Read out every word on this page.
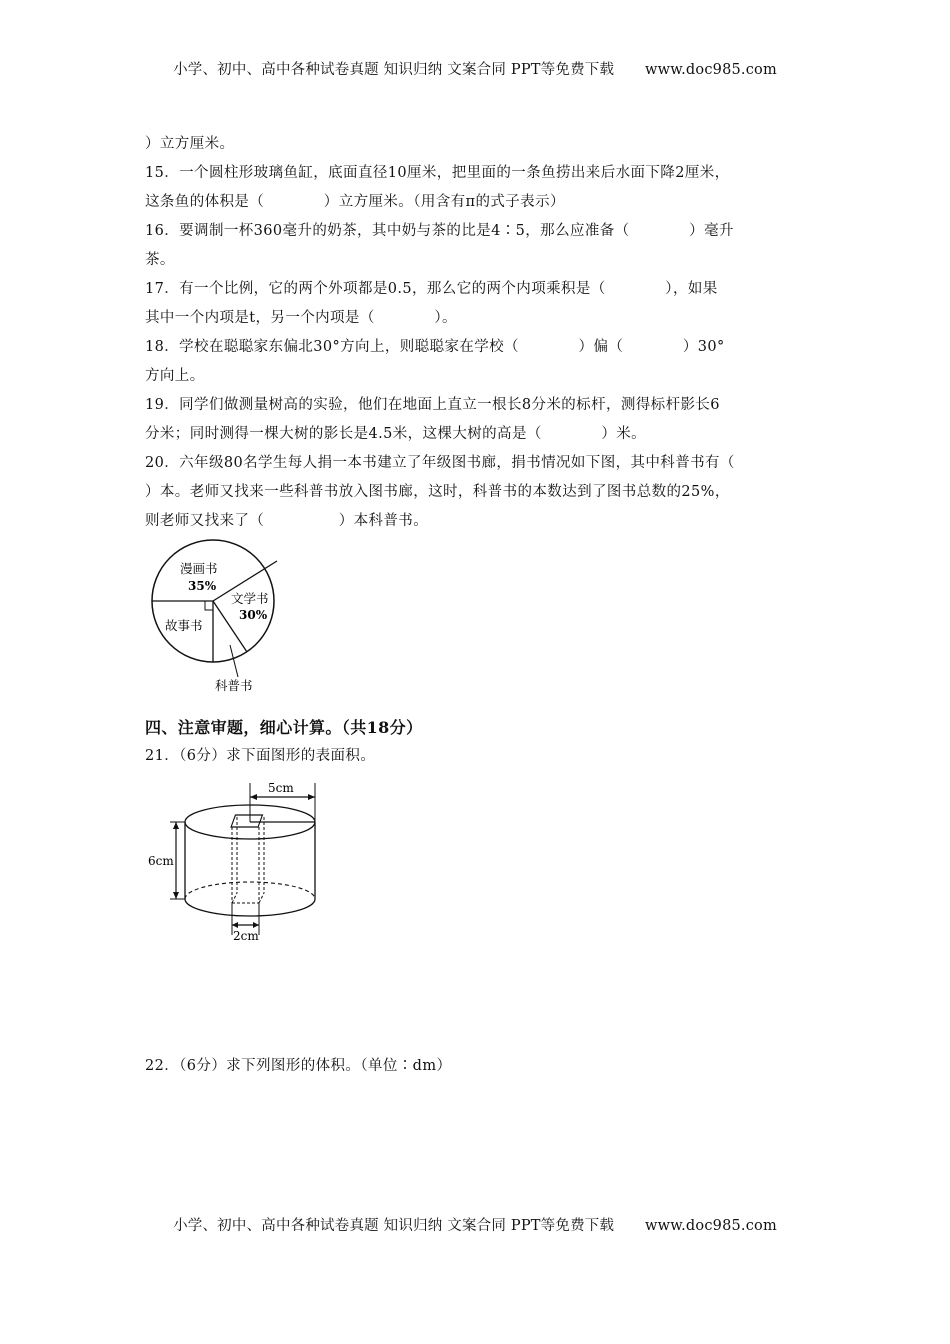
小学、初中、高中各种试卷真题 知识归纳 文案合同 PPT等免费下载 www.doc985.com
）立方厘米。
15．一个圆柱形玻璃鱼缸，底面直径10厘米，把里面的一条鱼捞出来后水面下降2厘米，
这条鱼的体积是（　　　　）立方厘米。（用含有π的式子表示）
16．要调制一杯360毫升的奶茶，其中奶与茶的比是4∶5，那么应准备（　　　　）毫升
茶。
17．有一个比例，它的两个外项都是0.5，那么它的两个内项乘积是（　　　　），如果
其中一个内项是t，另一个内项是（　　　　）。
18．学校在聪聪家东偏北30°方向上，则聪聪家在学校（　　　　）偏（　　　　）30°
方向上。
19．同学们做测量树高的实验，他们在地面上直立一根长8分米的标杆，测得标杆影长6
分米；同时测得一棵大树的影长是4.5米，这棵大树的高是（　　　　）米。
20．六年级80名学生每人捐一本书建立了年级图书廊，捐书情况如下图，其中科普书有（
）本。老师又找来一些科普书放入图书廊，这时，科普书的本数达到了图书总数的25%，
则老师又找来了（　　　　　）本科普书。
漫画书
35%
文学书
30%
故事书
科普书
四、注意审题，细心计算。（共18分）
21．（6分）求下面图形的表面积。
5cm
6cm
2cm
22．（6分）求下列图形的体积。（单位∶dm）
小学、初中、高中各种试卷真题 知识归纳 文案合同 PPT等免费下载 www.doc985.com
